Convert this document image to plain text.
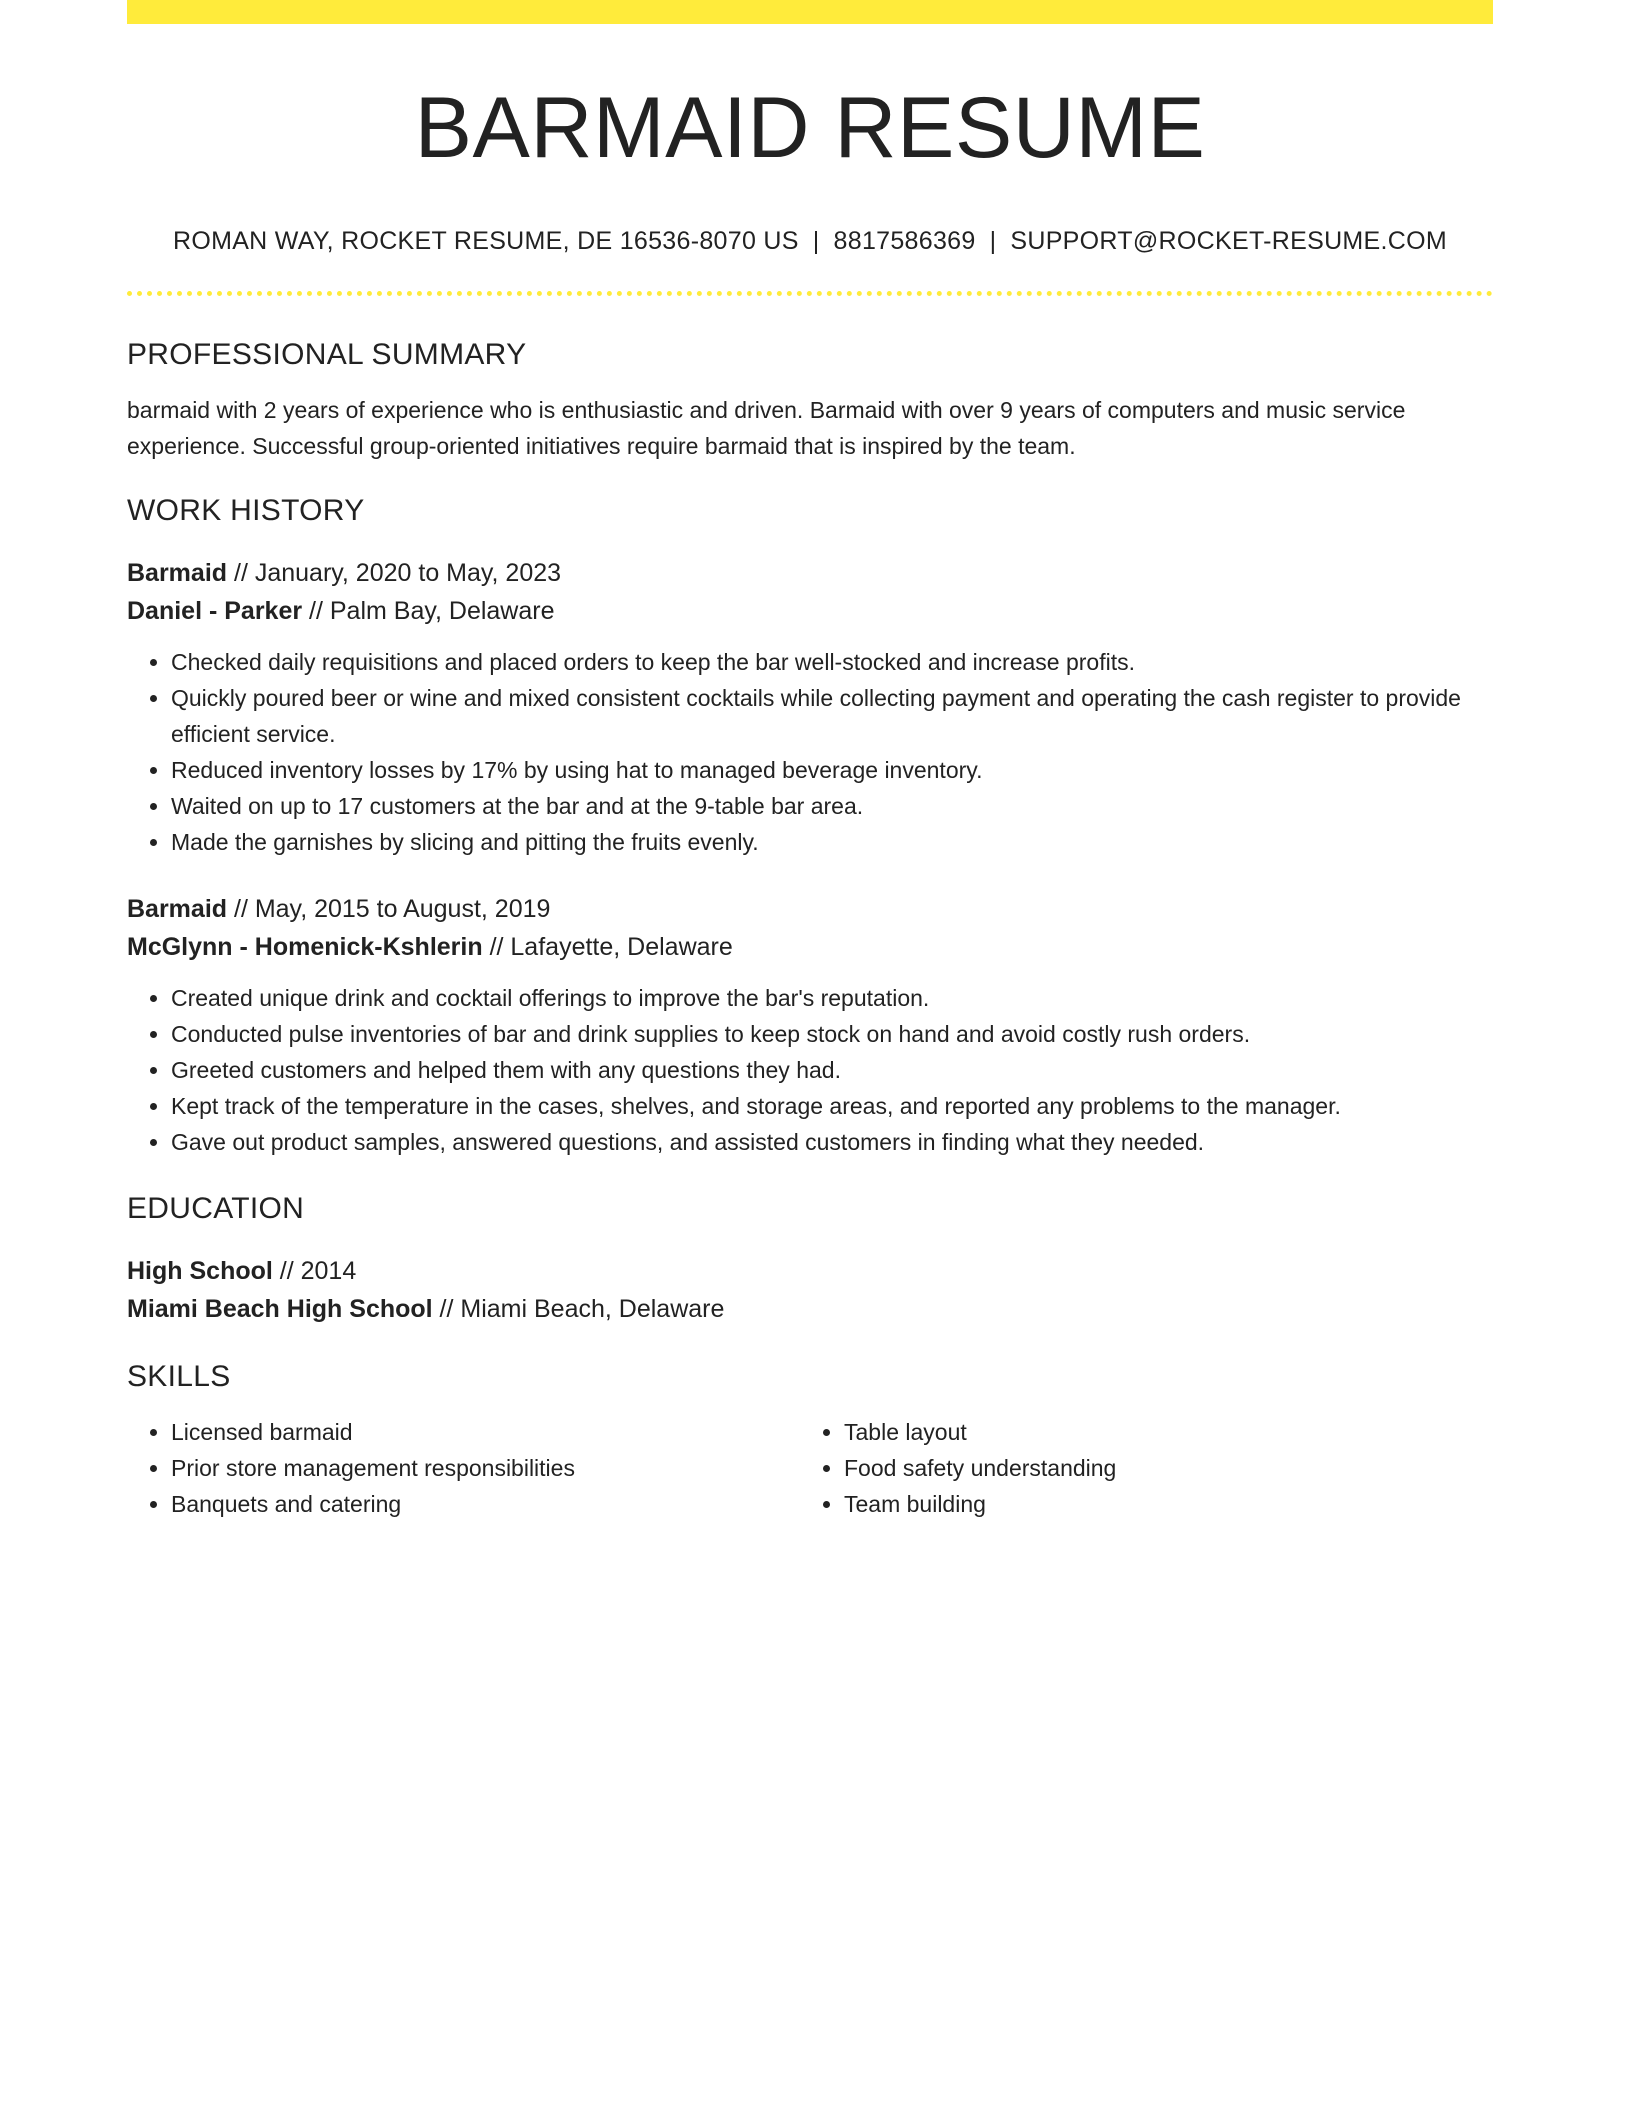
BARMAID RESUME
ROMAN WAY, ROCKET RESUME, DE 16536-8070 US | 8817586369 | SUPPORT@ROCKET-RESUME.COM
PROFESSIONAL SUMMARY
barmaid with 2 years of experience who is enthusiastic and driven. Barmaid with over 9 years of computers and music service experience. Successful group-oriented initiatives require barmaid that is inspired by the team.
WORK HISTORY
Barmaid // January, 2020 to May, 2023
Daniel - Parker // Palm Bay, Delaware
• Checked daily requisitions and placed orders to keep the bar well-stocked and increase profits.
• Quickly poured beer or wine and mixed consistent cocktails while collecting payment and operating the cash register to provide efficient service.
• Reduced inventory losses by 17% by using hat to managed beverage inventory.
• Waited on up to 17 customers at the bar and at the 9-table bar area.
• Made the garnishes by slicing and pitting the fruits evenly.
Barmaid // May, 2015 to August, 2019
McGlynn - Homenick-Kshlerin // Lafayette, Delaware
• Created unique drink and cocktail offerings to improve the bar's reputation.
• Conducted pulse inventories of bar and drink supplies to keep stock on hand and avoid costly rush orders.
• Greeted customers and helped them with any questions they had.
• Kept track of the temperature in the cases, shelves, and storage areas, and reported any problems to the manager.
• Gave out product samples, answered questions, and assisted customers in finding what they needed.
EDUCATION
High School // 2014
Miami Beach High School // Miami Beach, Delaware
SKILLS
• Licensed barmaid
• Prior store management responsibilities
• Banquets and catering
• Table layout
• Food safety understanding
• Team building
